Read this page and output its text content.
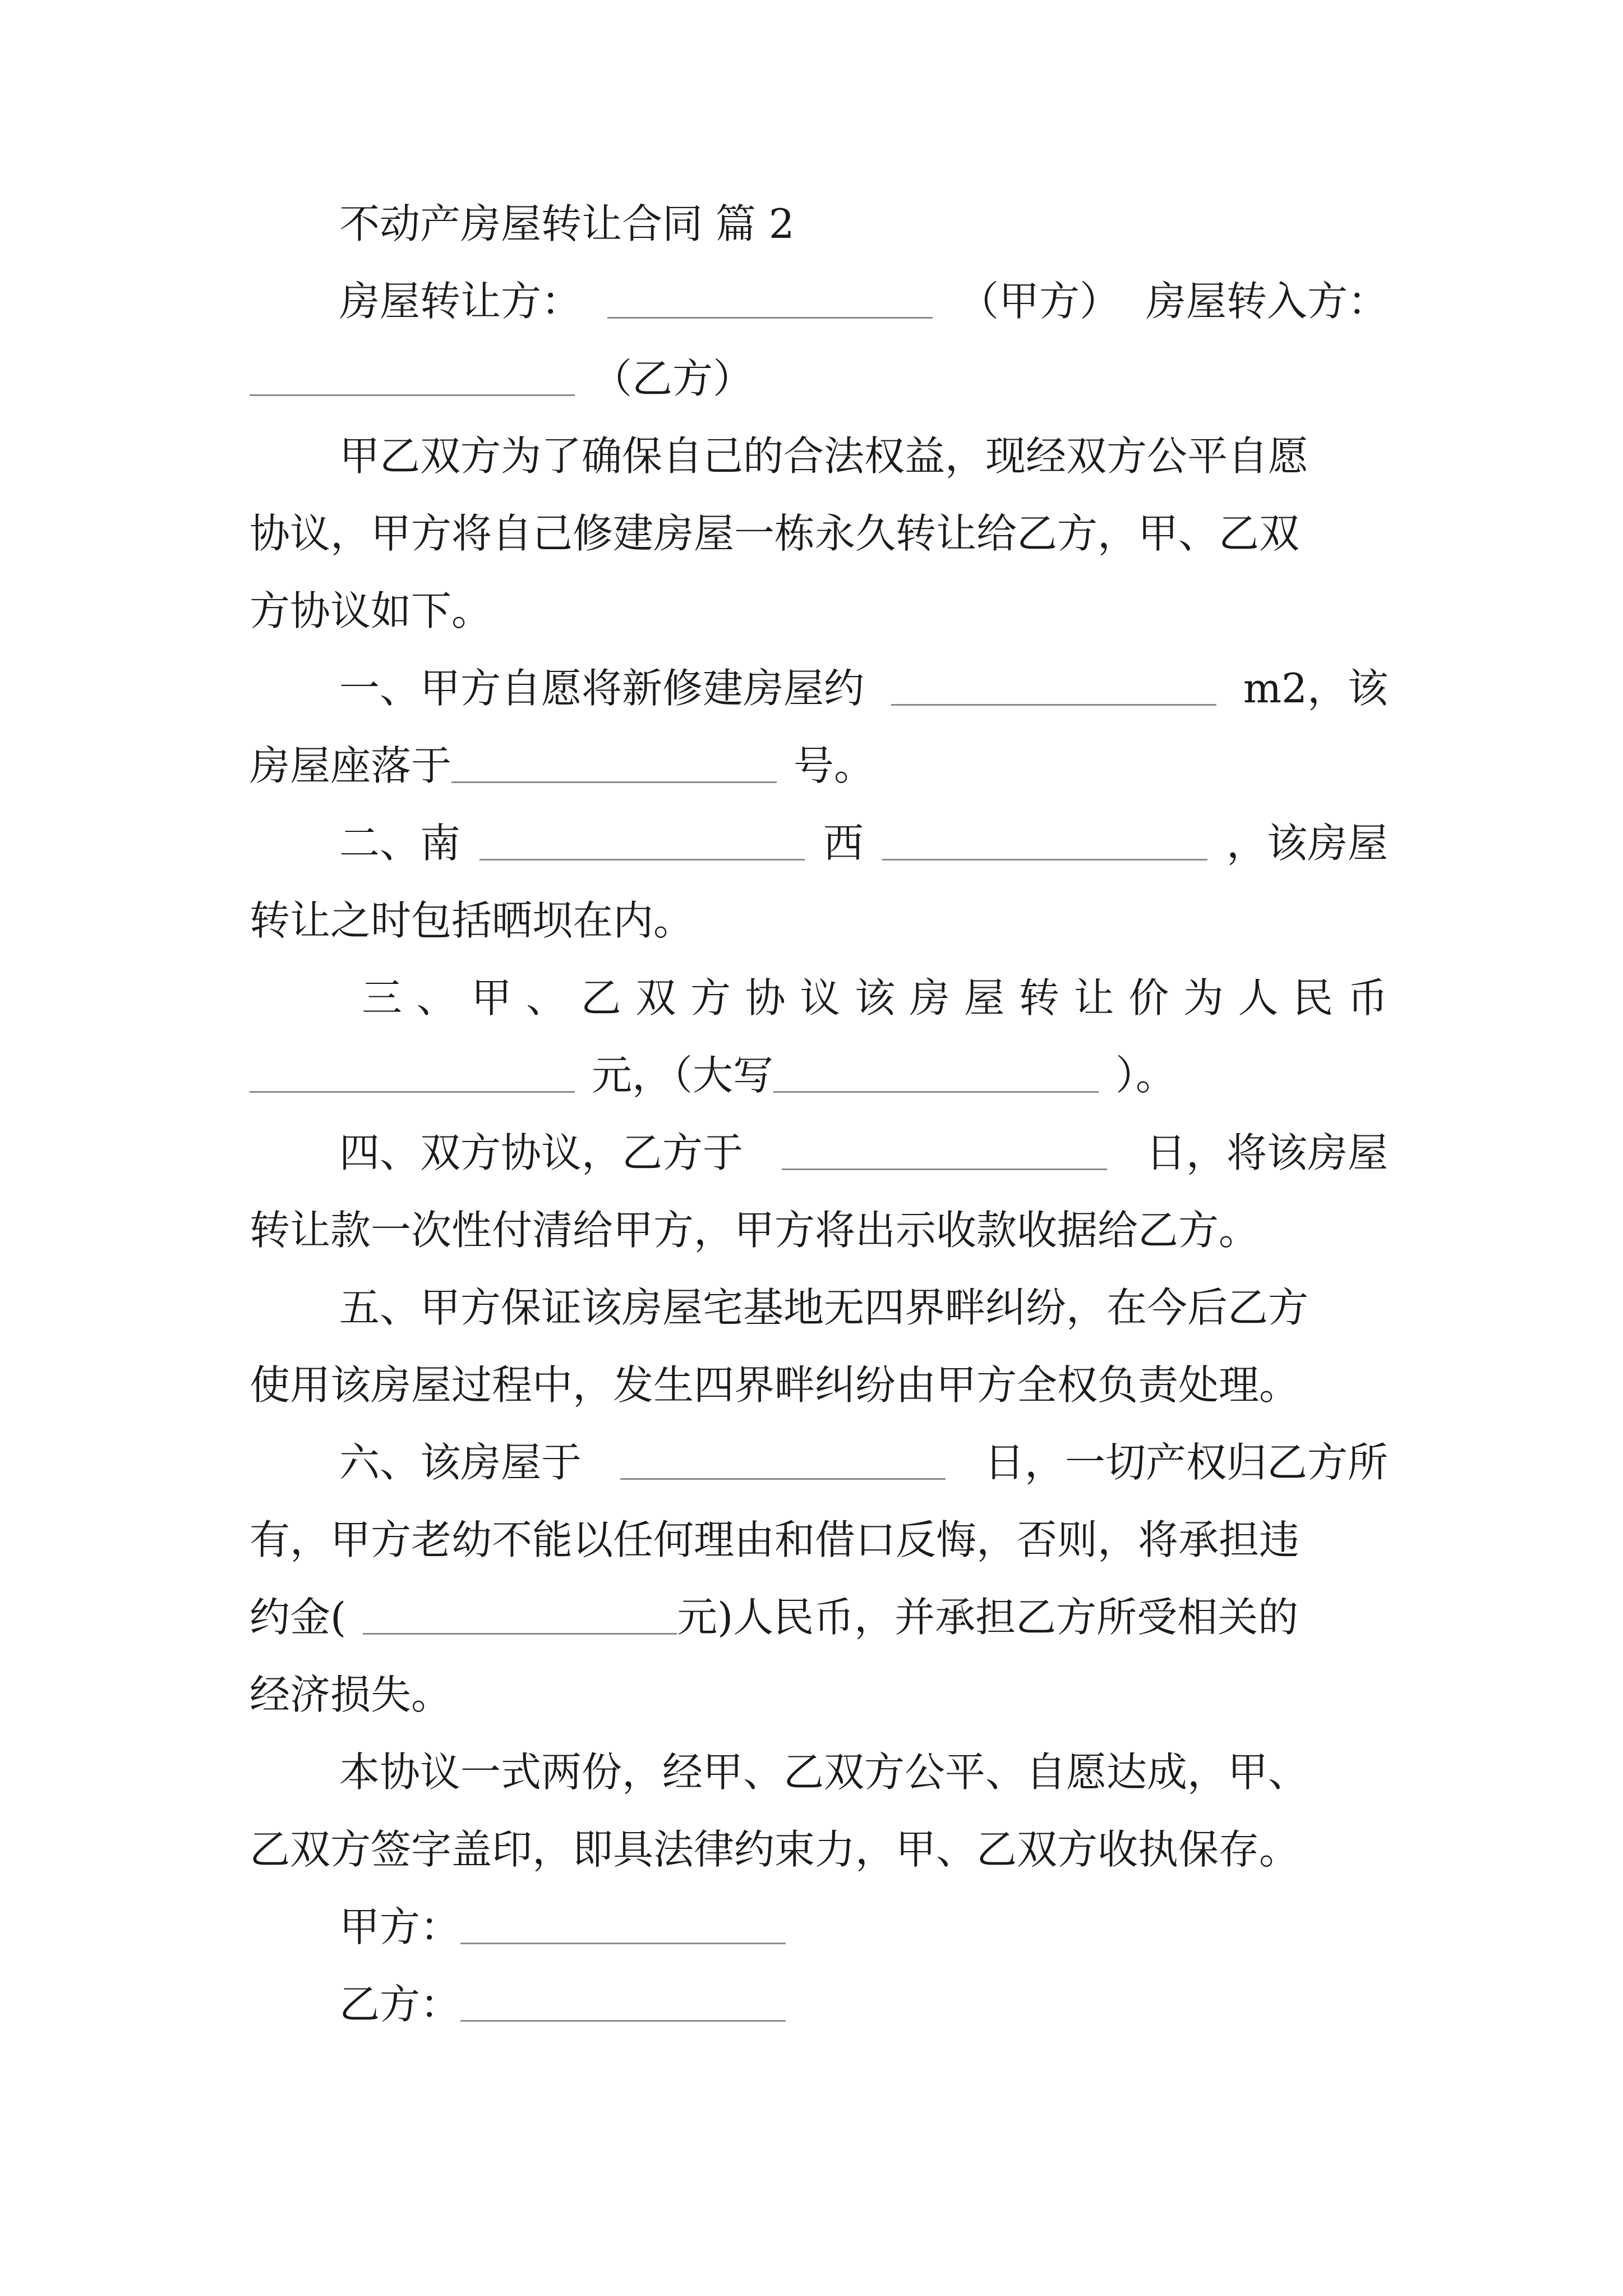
不动产房屋转让合同 篇 2
房屋转让方：	（甲方） 房屋转入方：
（乙方）
甲乙双方为了确保自己的合法权益，现经双方公平自愿
协议，甲方将自己修建房屋一栋永久转让给乙方，甲、乙双
方协议如下。
一、甲方自愿将新修建房屋约	m2，该
房屋座落于	号。
二、南	西	，该房屋
转让之时包括晒坝在内。
三 、 甲 、 乙 双 方 协 议 该 房 屋 转 让 价 为 人 民 币
元，（大写	）。
四、双方协议，乙方于	日，将该房屋
转让款一次性付清给甲方，甲方将出示收款收据给乙方。
五、甲方保证该房屋宅基地无四界畔纠纷，在今后乙方
使用该房屋过程中，发生四界畔纠纷由甲方全权负责处理。
六、该房屋于	日，一切产权归乙方所
有，甲方老幼不能以任何理由和借口反悔，否则，将承担违
约金(	元)人民币，并承担乙方所受相关的
经济损失。
本协议一式两份，经甲、乙双方公平、自愿达成，甲、
乙双方签字盖印，即具法律约束力，甲、乙双方收执保存。
甲方：
乙方：
